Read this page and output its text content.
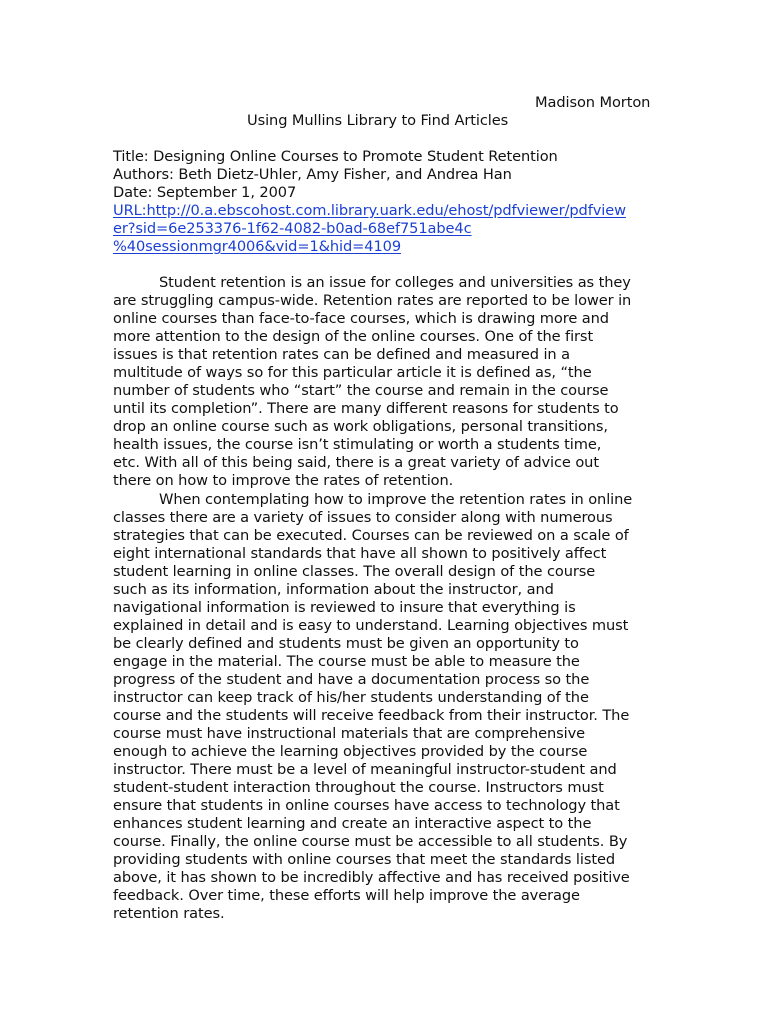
Madison Morton
Using Mullins Library to Find Articles
Title: Designing Online Courses to Promote Student Retention
Authors: Beth Dietz-Uhler, Amy Fisher, and Andrea Han
Date: September 1, 2007
URL:http://0.a.ebscohost.com.library.uark.edu/ehost/pdfviewer/pdfview
er?sid=6e253376-1f62-4082-b0ad-68ef751abe4c
%40sessionmgr4006&vid=1&hid=4109
Student retention is an issue for colleges and universities as they
are struggling campus-wide. Retention rates are reported to be lower in
online courses than face-to-face courses, which is drawing more and
more attention to the design of the online courses. One of the first
issues is that retention rates can be defined and measured in a
multitude of ways so for this particular article it is defined as, “the
number of students who “start” the course and remain in the course
until its completion”. There are many different reasons for students to
drop an online course such as work obligations, personal transitions,
health issues, the course isn’t stimulating or worth a students time,
etc. With all of this being said, there is a great variety of advice out
there on how to improve the rates of retention.
When contemplating how to improve the retention rates in online
classes there are a variety of issues to consider along with numerous
strategies that can be executed. Courses can be reviewed on a scale of
eight international standards that have all shown to positively affect
student learning in online classes. The overall design of the course
such as its information, information about the instructor, and
navigational information is reviewed to insure that everything is
explained in detail and is easy to understand. Learning objectives must
be clearly defined and students must be given an opportunity to
engage in the material. The course must be able to measure the
progress of the student and have a documentation process so the
instructor can keep track of his/her students understanding of the
course and the students will receive feedback from their instructor. The
course must have instructional materials that are comprehensive
enough to achieve the learning objectives provided by the course
instructor. There must be a level of meaningful instructor-student and
student-student interaction throughout the course. Instructors must
ensure that students in online courses have access to technology that
enhances student learning and create an interactive aspect to the
course. Finally, the online course must be accessible to all students. By
providing students with online courses that meet the standards listed
above, it has shown to be incredibly affective and has received positive
feedback. Over time, these efforts will help improve the average
retention rates.
